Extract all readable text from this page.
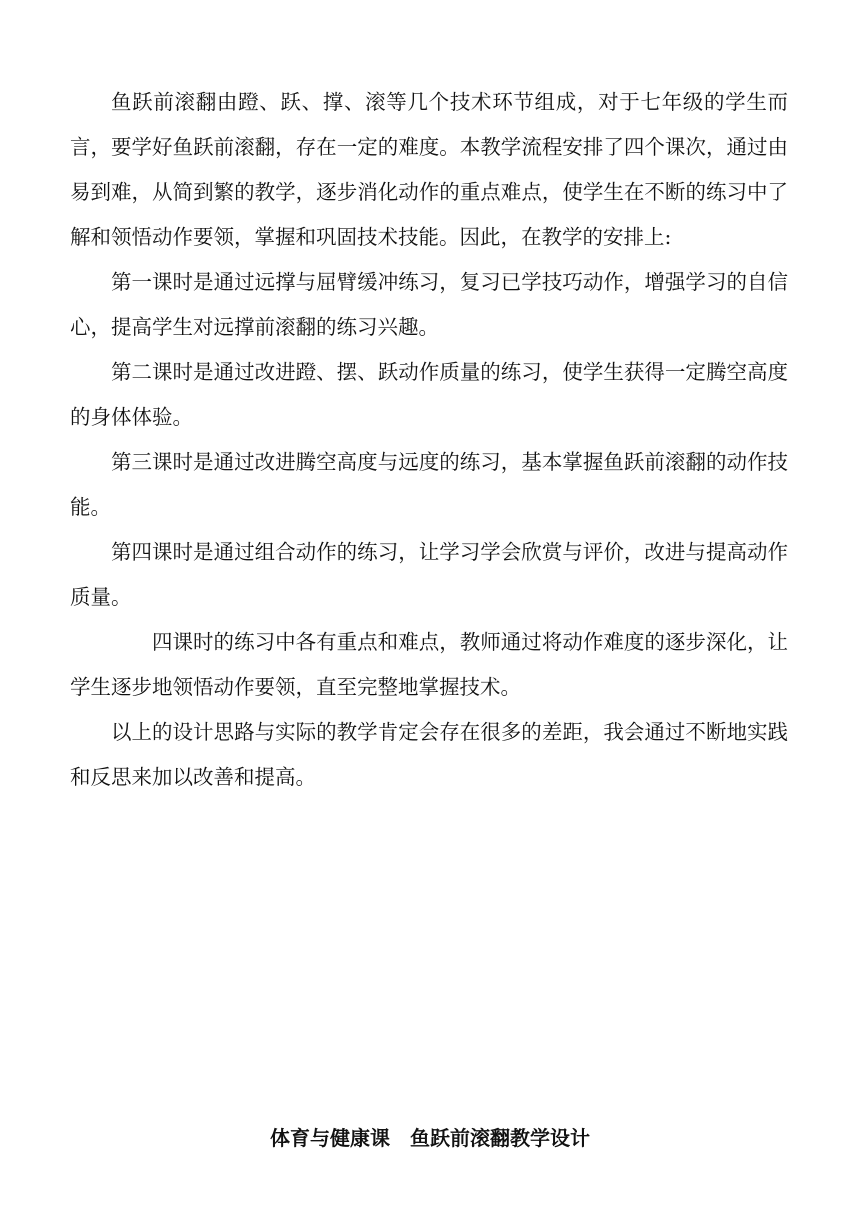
鱼跃前滚翻由蹬、跃、撑、滚等几个技术环节组成，对于七年级的学生而言，要学好鱼跃前滚翻，存在一定的难度。本教学流程安排了四个课次，通过由易到难，从简到繁的教学，逐步消化动作的重点难点，使学生在不断的练习中了解和领悟动作要领，掌握和巩固技术技能。因此，在教学的安排上:

第一课时是通过远撑与屈臂缓冲练习，复习已学技巧动作，增强学习的自信心，提高学生对远撑前滚翻的练习兴趣。

第二课时是通过改进蹬、摆、跃动作质量的练习，使学生获得一定腾空高度的身体体验。

第三课时是通过改进腾空高度与远度的练习，基本掌握鱼跃前滚翻的动作技能。

第四课时是通过组合动作的练习，让学习学会欣赏与评价，改进与提高动作质量。

四课时的练习中各有重点和难点，教师通过将动作难度的逐步深化，让学生逐步地领悟动作要领，直至完整地掌握技术。

以上的设计思路与实际的教学肯定会存在很多的差距，我会通过不断地实践和反思来加以改善和提高。

体育与健康课　鱼跃前滚翻教学设计
